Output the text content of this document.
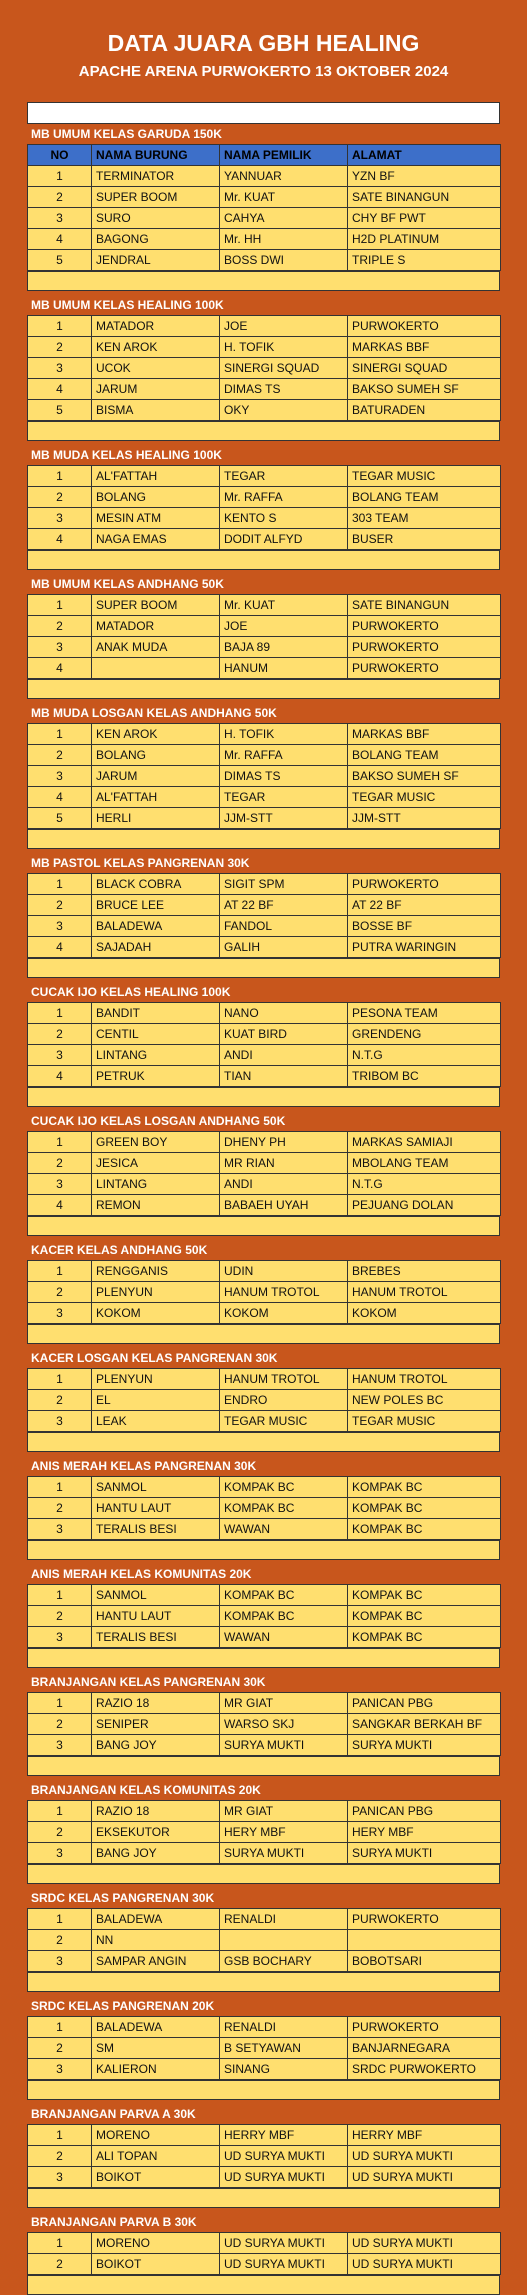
DATA JUARA GBH HEALING
APACHE ARENA PURWOKERTO 13 OKTOBER 2024
MB UMUM KELAS GARUDA 150K
NO	NAMA BURUNG	NAMA PEMILIK	ALAMAT
1	TERMINATOR	YANNUAR	YZN BF
2	SUPER BOOM	Mr. KUAT	SATE BINANGUN
3	SURO	CAHYA	CHY BF PWT
4	BAGONG	Mr. HH	H2D PLATINUM
5	JENDRAL	BOSS DWI	TRIPLE S
MB UMUM KELAS HEALING 100K
1	MATADOR	JOE	PURWOKERTO
2	KEN AROK	H. TOFIK	MARKAS BBF
3	UCOK	SINERGI SQUAD	SINERGI SQUAD
4	JARUM	DIMAS TS	BAKSO SUMEH SF
5	BISMA	OKY	BATURADEN
MB MUDA KELAS HEALING 100K
1	AL'FATTAH	TEGAR	TEGAR MUSIC
2	BOLANG	Mr. RAFFA	BOLANG TEAM
3	MESIN ATM	KENTO S	303 TEAM
4	NAGA EMAS	DODIT ALFYD	BUSER
MB UMUM KELAS ANDHANG 50K
1	SUPER BOOM	Mr. KUAT	SATE BINANGUN
2	MATADOR	JOE	PURWOKERTO
3	ANAK MUDA	BAJA 89	PURWOKERTO
4		HANUM	PURWOKERTO
MB MUDA LOSGAN KELAS ANDHANG 50K
1	KEN AROK	H. TOFIK	MARKAS BBF
2	BOLANG	Mr. RAFFA	BOLANG TEAM
3	JARUM	DIMAS TS	BAKSO SUMEH SF
4	AL'FATTAH	TEGAR	TEGAR MUSIC
5	HERLI	JJM-STT	JJM-STT
MB PASTOL KELAS PANGRENAN 30K
1	BLACK COBRA	SIGIT SPM	PURWOKERTO
2	BRUCE LEE	AT 22 BF	AT 22 BF
3	BALADEWA	FANDOL	BOSSE BF
4	SAJADAH	GALIH	PUTRA WARINGIN
CUCAK IJO KELAS HEALING 100K
1	BANDIT	NANO	PESONA TEAM
2	CENTIL	KUAT BIRD	GRENDENG
3	LINTANG	ANDI	N.T.G
4	PETRUK	TIAN	TRIBOM BC
CUCAK IJO KELAS LOSGAN ANDHANG 50K
1	GREEN BOY	DHENY PH	MARKAS SAMIAJI
2	JESICA	MR RIAN	MBOLANG TEAM
3	LINTANG	ANDI	N.T.G
4	REMON	BABAEH UYAH	PEJUANG DOLAN
KACER KELAS ANDHANG 50K
1	RENGGANIS	UDIN	BREBES
2	PLENYUN	HANUM TROTOL	HANUM TROTOL
3	KOKOM	KOKOM	KOKOM
KACER LOSGAN KELAS PANGRENAN 30K
1	PLENYUN	HANUM TROTOL	HANUM TROTOL
2	EL	ENDRO	NEW POLES BC
3	LEAK	TEGAR MUSIC	TEGAR MUSIC
ANIS MERAH KELAS PANGRENAN 30K
1	SANMOL	KOMPAK BC	KOMPAK BC
2	HANTU LAUT	KOMPAK BC	KOMPAK BC
3	TERALIS BESI	WAWAN	KOMPAK BC
ANIS MERAH KELAS KOMUNITAS 20K
1	SANMOL	KOMPAK BC	KOMPAK BC
2	HANTU LAUT	KOMPAK BC	KOMPAK BC
3	TERALIS BESI	WAWAN	KOMPAK BC
BRANJANGAN KELAS PANGRENAN 30K
1	RAZIO 18	MR GIAT	PANICAN PBG
2	SENIPER	WARSO SKJ	SANGKAR BERKAH BF
3	BANG JOY	SURYA MUKTI	SURYA MUKTI
BRANJANGAN KELAS KOMUNITAS 20K
1	RAZIO 18	MR GIAT	PANICAN PBG
2	EKSEKUTOR	HERY MBF	HERY MBF
3	BANG JOY	SURYA MUKTI	SURYA MUKTI
SRDC KELAS PANGRENAN 30K
1	BALADEWA	RENALDI	PURWOKERTO
2	NN		
3	SAMPAR ANGIN	GSB BOCHARY	BOBOTSARI
SRDC KELAS PANGRENAN 20K
1	BALADEWA	RENALDI	PURWOKERTO
2	SM	B SETYAWAN	BANJARNEGARA
3	KALIERON	SINANG	SRDC PURWOKERTO
BRANJANGAN PARVA A 30K
1	MORENO	HERRY MBF	HERRY MBF
2	ALI TOPAN	UD SURYA MUKTI	UD SURYA MUKTI
3	BOIKOT	UD SURYA MUKTI	UD SURYA MUKTI
BRANJANGAN PARVA B 30K
1	MORENO	UD SURYA MUKTI	UD SURYA MUKTI
2	BOIKOT	UD SURYA MUKTI	UD SURYA MUKTI
